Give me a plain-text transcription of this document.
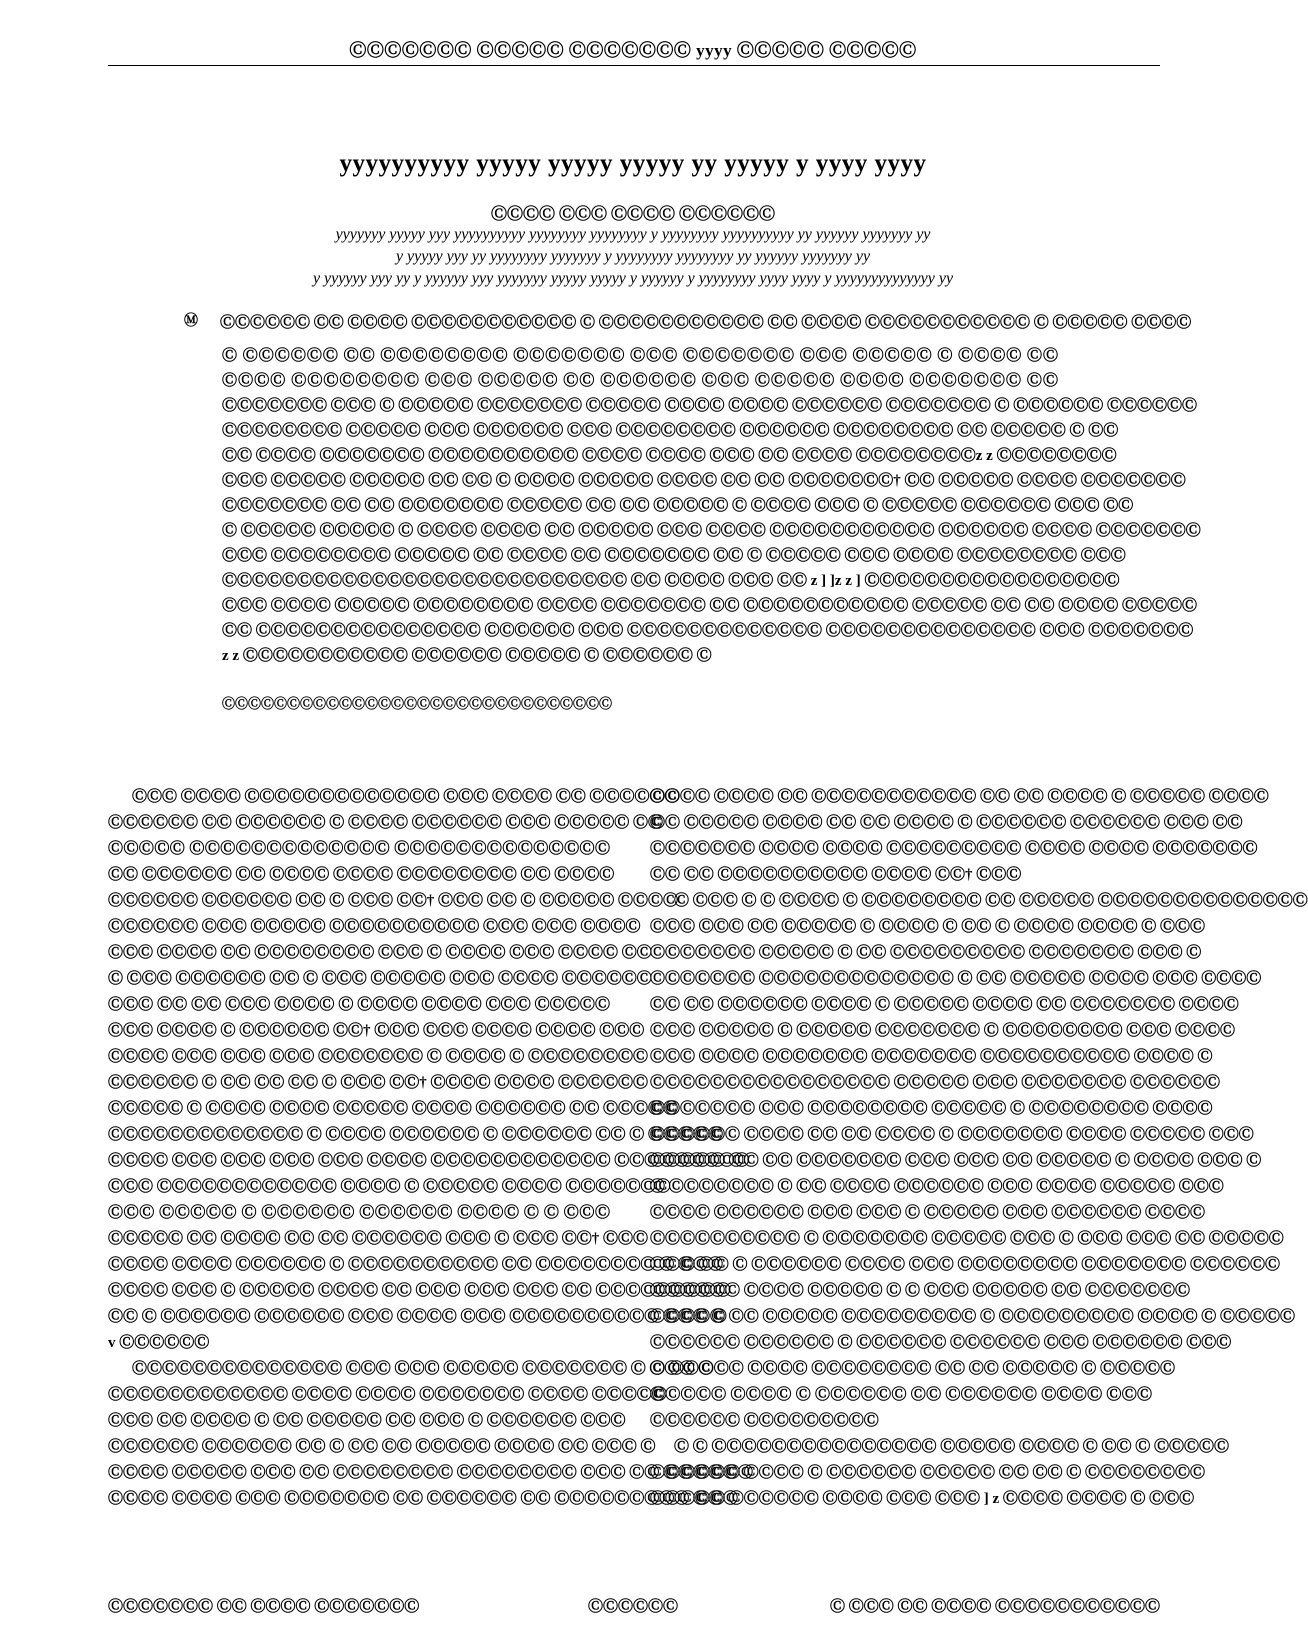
ⒸⒸⒸⒸⒸⒸⒸ ⒸⒸⒸⒸⒸ ⒸⒸⒸⒸⒸⒸⒸ yyyy ⒸⒸⒸⒸⒸ ⒸⒸⒸⒸⒸ
yyyyyyyyyy yyyyy yyyyy yyyyy yy yyyyy y yyyy yyyy
ⒸⒸⒸⒸ ⒸⒸⒸ ⒸⒸⒸⒸ ⒸⒸⒸⒸⒸⒸ
yyyyyyy yyyyy yyy yyyyyyyyyy yyyyyyyy yyyyyyyy y yyyyyyyy yyyyyyyyyy yy yyyyyy yyyyyyy yy
y yyyyy yyy yy yyyyyyyy yyyyyyy y yyyyyyyy yyyyyyyy yy yyyyyy yyyyyyy yy
y yyyyyy yyy yy y yyyyyy yyy yyyyyyy yyyyy yyyyy y yyyyyy y yyyyyyyy yyyy yyyy y yyyyyyyyyyyyyy yy
Ⓜ	ⒸⒸⒸⒸⒸⒸ ⒸⒸ ⒸⒸⒸⒸ ⒸⒸⒸⒸⒸⒸⒸⒸⒸⒸⒸ Ⓒ ⒸⒸⒸⒸⒸⒸⒸⒸⒸⒸⒸ ⒸⒸ ⒸⒸⒸⒸ ⒸⒸⒸⒸⒸⒸⒸⒸⒸⒸⒸ Ⓒ ⒸⒸⒸⒸⒸ ⒸⒸⒸⒸ
Ⓒ ⒸⒸⒸⒸⒸⒸ ⒸⒸ ⒸⒸⒸⒸⒸⒸⒸⒸ ⒸⒸⒸⒸⒸⒸⒸ ⒸⒸⒸ ⒸⒸⒸⒸⒸⒸⒸ ⒸⒸⒸ ⒸⒸⒸⒸⒸ Ⓒ ⒸⒸⒸⒸ ⒸⒸ
ⒸⒸⒸⒸ ⒸⒸⒸⒸⒸⒸⒸⒸ ⒸⒸⒸ ⒸⒸⒸⒸⒸ ⒸⒸ ⒸⒸⒸⒸⒸⒸ ⒸⒸⒸ ⒸⒸⒸⒸⒸ ⒸⒸⒸⒸ ⒸⒸⒸⒸⒸⒸⒸ ⒸⒸ
ⒸⒸⒸⒸⒸⒸⒸ ⒸⒸⒸ Ⓒ ⒸⒸⒸⒸⒸ ⒸⒸⒸⒸⒸⒸⒸ ⒸⒸⒸⒸⒸ ⒸⒸⒸⒸ ⒸⒸⒸⒸ ⒸⒸⒸⒸⒸⒸ ⒸⒸⒸⒸⒸⒸⒸ Ⓒ ⒸⒸⒸⒸⒸⒸ ⒸⒸⒸⒸⒸⒸ
ⒸⒸⒸⒸⒸⒸⒸⒸ ⒸⒸⒸⒸⒸ ⒸⒸⒸ ⒸⒸⒸⒸⒸⒸ ⒸⒸⒸ ⒸⒸⒸⒸⒸⒸⒸⒸ ⒸⒸⒸⒸⒸⒸ ⒸⒸⒸⒸⒸⒸⒸⒸ ⒸⒸ ⒸⒸⒸⒸⒸ Ⓒ ⒸⒸ
ⒸⒸ ⒸⒸⒸⒸ ⒸⒸⒸⒸⒸⒸⒸ ⒸⒸⒸⒸⒸⒸⒸⒸⒸⒸ ⒸⒸⒸⒸ ⒸⒸⒸⒸ ⒸⒸⒸ ⒸⒸ ⒸⒸⒸⒸ ⒸⒸⒸⒸⒸⒸⒸⒸz z ⒸⒸⒸⒸⒸⒸⒸⒸ
ⒸⒸⒸ ⒸⒸⒸⒸⒸ ⒸⒸⒸⒸⒸ ⒸⒸ ⒸⒸ Ⓒ ⒸⒸⒸⒸ ⒸⒸⒸⒸⒸ ⒸⒸⒸⒸ ⒸⒸ ⒸⒸ ⒸⒸⒸⒸⒸⒸⒸ† ⒸⒸ ⒸⒸⒸⒸⒸ ⒸⒸⒸⒸ ⒸⒸⒸⒸⒸⒸⒸ
ⒸⒸⒸⒸⒸⒸⒸ ⒸⒸ ⒸⒸ ⒸⒸⒸⒸⒸⒸⒸ ⒸⒸⒸⒸⒸ ⒸⒸ ⒸⒸ ⒸⒸⒸⒸⒸ Ⓒ ⒸⒸⒸⒸ ⒸⒸⒸ Ⓒ ⒸⒸⒸⒸⒸ ⒸⒸⒸⒸⒸⒸ ⒸⒸⒸ ⒸⒸ
Ⓒ ⒸⒸⒸⒸⒸ ⒸⒸⒸⒸⒸ Ⓒ ⒸⒸⒸⒸ ⒸⒸⒸⒸ ⒸⒸ ⒸⒸⒸⒸⒸ ⒸⒸⒸ ⒸⒸⒸⒸ ⒸⒸⒸⒸⒸⒸⒸⒸⒸⒸⒸ ⒸⒸⒸⒸⒸⒸ ⒸⒸⒸⒸ ⒸⒸⒸⒸⒸⒸⒸ
ⒸⒸⒸ ⒸⒸⒸⒸⒸⒸⒸⒸ ⒸⒸⒸⒸⒸ ⒸⒸ ⒸⒸⒸⒸ ⒸⒸ ⒸⒸⒸⒸⒸⒸⒸ ⒸⒸ Ⓒ ⒸⒸⒸⒸⒸ ⒸⒸⒸ ⒸⒸⒸⒸ ⒸⒸⒸⒸⒸⒸⒸⒸ ⒸⒸⒸ
ⒸⒸⒸⒸⒸⒸⒸⒸⒸⒸⒸⒸⒸⒸⒸⒸⒸⒸⒸⒸⒸⒸⒸⒸⒸⒸⒸ ⒸⒸ ⒸⒸⒸⒸ ⒸⒸⒸ ⒸⒸ z ] ]z z ] ⒸⒸⒸⒸⒸⒸⒸⒸⒸⒸⒸⒸⒸⒸⒸⒸⒸ
ⒸⒸⒸ ⒸⒸⒸⒸ ⒸⒸⒸⒸⒸ ⒸⒸⒸⒸⒸⒸⒸⒸ ⒸⒸⒸⒸ ⒸⒸⒸⒸⒸⒸⒸ ⒸⒸ ⒸⒸⒸⒸⒸⒸⒸⒸⒸⒸⒸ ⒸⒸⒸⒸⒸ ⒸⒸ ⒸⒸ ⒸⒸⒸⒸ ⒸⒸⒸⒸⒸ
ⒸⒸ ⒸⒸⒸⒸⒸⒸⒸⒸⒸⒸⒸⒸⒸⒸⒸ ⒸⒸⒸⒸⒸⒸ ⒸⒸⒸ ⒸⒸⒸⒸⒸⒸⒸⒸⒸⒸⒸⒸⒸ ⒸⒸⒸⒸⒸⒸⒸⒸⒸⒸⒸⒸⒸⒸ ⒸⒸⒸ ⒸⒸⒸⒸⒸⒸⒸ
z z ⒸⒸⒸⒸⒸⒸⒸⒸⒸⒸⒸ ⒸⒸⒸⒸⒸⒸ ⒸⒸⒸⒸⒸ Ⓒ ⒸⒸⒸⒸⒸⒸ Ⓒ
ⒸⒸⒸⒸⒸⒸⒸⒸⒸⒸⒸⒸⒸⒸⒸⒸⒸⒸⒸⒸⒸⒸⒸⒸⒸⒸⒸⒸⒸⒸ
ⒸⒸⒸ ⒸⒸⒸⒸ ⒸⒸⒸⒸⒸⒸⒸⒸⒸⒸⒸⒸⒸ ⒸⒸⒸ ⒸⒸⒸⒸ ⒸⒸ ⒸⒸⒸⒸⒸⒸ
ⒸⒸⒸⒸⒸⒸ ⒸⒸ ⒸⒸⒸⒸⒸⒸ Ⓒ ⒸⒸⒸⒸ ⒸⒸⒸⒸⒸⒸ ⒸⒸⒸ ⒸⒸⒸⒸⒸ ⒸⒸ
ⒸⒸⒸⒸⒸ ⒸⒸⒸⒸⒸⒸⒸⒸⒸⒸⒸⒸⒸ ⒸⒸⒸⒸⒸⒸⒸⒸⒸⒸⒸⒸⒸⒸ
ⒸⒸ ⒸⒸⒸⒸⒸⒸ ⒸⒸ ⒸⒸⒸⒸ ⒸⒸⒸⒸ ⒸⒸⒸⒸⒸⒸⒸⒸ ⒸⒸ ⒸⒸⒸⒸ
ⒸⒸⒸⒸⒸⒸ ⒸⒸⒸⒸⒸⒸ ⒸⒸ Ⓒ ⒸⒸⒸ ⒸⒸ† ⒸⒸⒸ ⒸⒸ Ⓒ ⒸⒸⒸⒸⒸ ⒸⒸⒸⒸ
ⒸⒸⒸⒸⒸⒸ ⒸⒸⒸ ⒸⒸⒸⒸⒸ ⒸⒸⒸⒸⒸⒸⒸⒸⒸⒸ ⒸⒸⒸ ⒸⒸⒸ ⒸⒸⒸⒸ
ⒸⒸⒸ ⒸⒸⒸⒸ ⒸⒸ ⒸⒸⒸⒸⒸⒸⒸⒸ ⒸⒸⒸ Ⓒ ⒸⒸⒸⒸ ⒸⒸⒸ ⒸⒸⒸⒸ ⒸⒸ
Ⓒ ⒸⒸⒸ ⒸⒸⒸⒸⒸⒸ ⒸⒸ Ⓒ ⒸⒸⒸ ⒸⒸⒸⒸⒸ ⒸⒸⒸ ⒸⒸⒸⒸ ⒸⒸⒸⒸⒸⒸ
ⒸⒸⒸ ⒸⒸ ⒸⒸ ⒸⒸⒸ ⒸⒸⒸⒸ Ⓒ ⒸⒸⒸⒸ ⒸⒸⒸⒸ ⒸⒸⒸ ⒸⒸⒸⒸⒸ
ⒸⒸⒸ ⒸⒸⒸⒸ Ⓒ ⒸⒸⒸⒸⒸⒸ ⒸⒸ† ⒸⒸⒸ ⒸⒸⒸ ⒸⒸⒸⒸ ⒸⒸⒸⒸ ⒸⒸⒸ
ⒸⒸⒸⒸ ⒸⒸⒸ ⒸⒸⒸ ⒸⒸⒸ ⒸⒸⒸⒸⒸⒸⒸ Ⓒ ⒸⒸⒸⒸ Ⓒ ⒸⒸⒸⒸⒸⒸⒸⒸ
ⒸⒸⒸⒸⒸⒸ Ⓒ ⒸⒸ ⒸⒸ ⒸⒸ Ⓒ ⒸⒸⒸ ⒸⒸ† ⒸⒸⒸⒸ ⒸⒸⒸⒸ ⒸⒸⒸⒸⒸⒸ
ⒸⒸⒸⒸⒸ Ⓒ ⒸⒸⒸⒸ ⒸⒸⒸⒸ ⒸⒸⒸⒸⒸ ⒸⒸⒸⒸ ⒸⒸⒸⒸⒸⒸ ⒸⒸ ⒸⒸⒸⒸⒸ
ⒸⒸⒸⒸⒸⒸⒸⒸⒸⒸⒸⒸⒸ Ⓒ ⒸⒸⒸⒸ ⒸⒸⒸⒸⒸⒸ Ⓒ ⒸⒸⒸⒸⒸⒸ ⒸⒸ Ⓒ ⒸⒸⒸⒸⒸ
ⒸⒸⒸⒸ ⒸⒸⒸ ⒸⒸⒸ ⒸⒸⒸ ⒸⒸⒸ ⒸⒸⒸⒸ ⒸⒸⒸⒸⒸⒸⒸⒸⒸⒸⒸⒸ ⒸⒸⒸⒸⒸⒸⒸⒸⒸ
ⒸⒸⒸ ⒸⒸⒸⒸⒸⒸⒸⒸⒸⒸⒸⒸ ⒸⒸⒸⒸ Ⓒ ⒸⒸⒸⒸⒸ ⒸⒸⒸⒸ ⒸⒸⒸⒸⒸⒸⒸ
ⒸⒸⒸ ⒸⒸⒸⒸⒸ Ⓒ ⒸⒸⒸⒸⒸⒸ ⒸⒸⒸⒸⒸⒸ ⒸⒸⒸⒸ Ⓒ Ⓒ ⒸⒸⒸ
ⒸⒸⒸⒸⒸ ⒸⒸ ⒸⒸⒸⒸ ⒸⒸ ⒸⒸ ⒸⒸⒸⒸⒸⒸ ⒸⒸⒸ Ⓒ ⒸⒸⒸ ⒸⒸ† ⒸⒸⒸ
ⒸⒸⒸⒸ ⒸⒸⒸⒸ ⒸⒸⒸⒸⒸⒸ Ⓒ ⒸⒸⒸⒸⒸⒸⒸⒸⒸⒸ ⒸⒸ ⒸⒸⒸⒸⒸⒸⒸⒸ Ⓒ ⒸⒸⒸ
ⒸⒸⒸⒸ ⒸⒸⒸ Ⓒ ⒸⒸⒸⒸⒸ ⒸⒸⒸⒸ ⒸⒸ ⒸⒸⒸ ⒸⒸⒸ ⒸⒸⒸ ⒸⒸ ⒸⒸⒸⒸⒸⒸⒸⒸⒸ
ⒸⒸ Ⓒ ⒸⒸⒸⒸⒸⒸ ⒸⒸⒸⒸⒸⒸ ⒸⒸⒸ ⒸⒸⒸⒸ ⒸⒸⒸ ⒸⒸⒸⒸⒸⒸⒸⒸⒸⒸ ⒸⒸⒸ Ⓒ
v ⒸⒸⒸⒸⒸⒸ
ⒸⒸⒸⒸⒸⒸⒸⒸⒸⒸⒸⒸⒸⒸ ⒸⒸⒸ ⒸⒸⒸ ⒸⒸⒸⒸⒸ ⒸⒸⒸⒸⒸⒸⒸ Ⓒ ⒸⒸⒸ Ⓒ
ⒸⒸⒸⒸⒸⒸⒸⒸⒸⒸⒸⒸ ⒸⒸⒸⒸ ⒸⒸⒸⒸ ⒸⒸⒸⒸⒸⒸⒸ ⒸⒸⒸⒸ ⒸⒸⒸⒸⒸ
ⒸⒸⒸ ⒸⒸ ⒸⒸⒸⒸ Ⓒ ⒸⒸ ⒸⒸⒸⒸⒸ ⒸⒸ ⒸⒸⒸ Ⓒ ⒸⒸⒸⒸⒸⒸ ⒸⒸⒸ
ⒸⒸⒸⒸⒸⒸ ⒸⒸⒸⒸⒸⒸ ⒸⒸ Ⓒ ⒸⒸ ⒸⒸ ⒸⒸⒸⒸⒸ ⒸⒸⒸⒸ ⒸⒸ ⒸⒸⒸ Ⓒ
ⒸⒸⒸⒸ ⒸⒸⒸⒸⒸ ⒸⒸⒸ ⒸⒸ ⒸⒸⒸⒸⒸⒸⒸⒸ ⒸⒸⒸⒸⒸⒸⒸⒸ ⒸⒸⒸ ⒸⒸ ⒸⒸⒸⒸⒸⒸ
ⒸⒸⒸⒸ ⒸⒸⒸⒸ ⒸⒸⒸ ⒸⒸⒸⒸⒸⒸⒸ ⒸⒸ ⒸⒸⒸⒸⒸⒸ ⒸⒸ ⒸⒸⒸⒸⒸⒸⒸⒸⒸ ⒸⒸⒸ
ⒸⒸⒸⒸ ⒸⒸⒸⒸ ⒸⒸ ⒸⒸⒸⒸⒸⒸⒸⒸⒸⒸⒸ ⒸⒸ ⒸⒸ ⒸⒸⒸⒸ Ⓒ ⒸⒸⒸⒸⒸ ⒸⒸⒸⒸ
ⒸⒸ ⒸⒸⒸⒸⒸ ⒸⒸⒸⒸ ⒸⒸ ⒸⒸ ⒸⒸⒸⒸ Ⓒ ⒸⒸⒸⒸⒸⒸ ⒸⒸⒸⒸⒸⒸ ⒸⒸⒸ ⒸⒸ
ⒸⒸⒸⒸⒸⒸⒸ ⒸⒸⒸⒸ ⒸⒸⒸⒸ ⒸⒸⒸⒸⒸⒸⒸⒸⒸ ⒸⒸⒸⒸ ⒸⒸⒸⒸ ⒸⒸⒸⒸⒸⒸⒸ
ⒸⒸ ⒸⒸ ⒸⒸⒸⒸⒸⒸⒸⒸⒸⒸ ⒸⒸⒸⒸ ⒸⒸ† ⒸⒸⒸ
Ⓒ ⒸⒸⒸ Ⓒ Ⓒ ⒸⒸⒸⒸ Ⓒ ⒸⒸⒸⒸⒸⒸⒸⒸ ⒸⒸ ⒸⒸⒸⒸⒸ ⒸⒸⒸⒸⒸⒸⒸⒸⒸⒸⒸⒸⒸⒸ
ⒸⒸⒸ ⒸⒸⒸ ⒸⒸ ⒸⒸⒸⒸⒸ Ⓒ ⒸⒸⒸⒸ Ⓒ ⒸⒸ Ⓒ ⒸⒸⒸⒸ ⒸⒸⒸⒸ Ⓒ ⒸⒸⒸ
ⒸⒸⒸⒸⒸⒸⒸ ⒸⒸⒸⒸⒸ Ⓒ ⒸⒸ ⒸⒸⒸⒸⒸⒸⒸⒸⒸ ⒸⒸⒸⒸⒸⒸⒸ ⒸⒸⒸ Ⓒ
ⒸⒸⒸⒸⒸⒸⒸ ⒸⒸⒸⒸⒸⒸⒸⒸⒸⒸⒸⒸⒸ Ⓒ ⒸⒸ ⒸⒸⒸⒸⒸ ⒸⒸⒸⒸ ⒸⒸⒸ ⒸⒸⒸⒸ
ⒸⒸ ⒸⒸ ⒸⒸⒸⒸⒸⒸ ⒸⒸⒸⒸ Ⓒ ⒸⒸⒸⒸⒸ ⒸⒸⒸⒸ ⒸⒸ ⒸⒸⒸⒸⒸⒸⒸ ⒸⒸⒸⒸ
ⒸⒸⒸ ⒸⒸⒸⒸⒸ Ⓒ ⒸⒸⒸⒸⒸ ⒸⒸⒸⒸⒸⒸⒸ Ⓒ ⒸⒸⒸⒸⒸⒸⒸⒸ ⒸⒸⒸ ⒸⒸⒸⒸ
ⒸⒸⒸ ⒸⒸⒸⒸ ⒸⒸⒸⒸⒸⒸⒸ ⒸⒸⒸⒸⒸⒸⒸ ⒸⒸⒸⒸⒸⒸⒸⒸⒸⒸ ⒸⒸⒸⒸ Ⓒ
ⒸⒸⒸⒸⒸⒸⒸⒸⒸⒸⒸⒸⒸⒸⒸⒸ ⒸⒸⒸⒸⒸ ⒸⒸⒸ ⒸⒸⒸⒸⒸⒸⒸ ⒸⒸⒸⒸⒸⒸ
ⒸⒸⒸⒸⒸⒸⒸ ⒸⒸⒸ ⒸⒸⒸⒸⒸⒸⒸⒸ ⒸⒸⒸⒸⒸ Ⓒ ⒸⒸⒸⒸⒸⒸⒸⒸ ⒸⒸⒸⒸ
ⒸⒸⒸⒸⒸⒸ ⒸⒸⒸⒸ ⒸⒸ ⒸⒸ ⒸⒸⒸⒸ Ⓒ ⒸⒸⒸⒸⒸⒸⒸ ⒸⒸⒸⒸ ⒸⒸⒸⒸⒸ ⒸⒸⒸ
ⒸⒸⒸⒸⒸ ⒸⒸ ⒸⒸ ⒸⒸⒸⒸⒸⒸⒸ ⒸⒸⒸ ⒸⒸⒸ ⒸⒸ ⒸⒸⒸⒸⒸ Ⓒ ⒸⒸⒸⒸ ⒸⒸⒸ Ⓒ
Ⓒ ⒸⒸⒸⒸⒸⒸⒸ Ⓒ ⒸⒸ ⒸⒸⒸⒸ ⒸⒸⒸⒸⒸⒸ ⒸⒸⒸ ⒸⒸⒸⒸ ⒸⒸⒸⒸⒸ ⒸⒸⒸ
ⒸⒸⒸⒸ ⒸⒸⒸⒸⒸⒸ ⒸⒸⒸ ⒸⒸⒸ Ⓒ ⒸⒸⒸⒸⒸ ⒸⒸⒸ ⒸⒸⒸⒸⒸⒸ ⒸⒸⒸⒸ
ⒸⒸⒸⒸⒸⒸⒸⒸⒸⒸ Ⓒ ⒸⒸⒸⒸⒸⒸⒸ ⒸⒸⒸⒸⒸ ⒸⒸⒸ Ⓒ ⒸⒸⒸ ⒸⒸⒸ ⒸⒸ ⒸⒸⒸⒸⒸ
ⒸⒸⒸ ⒸⒸ Ⓒ ⒸⒸⒸⒸⒸⒸ ⒸⒸⒸⒸ ⒸⒸⒸ ⒸⒸⒸⒸⒸⒸⒸⒸ ⒸⒸⒸⒸⒸⒸⒸ ⒸⒸⒸⒸⒸⒸ
ⒸⒸⒸⒸⒸⒸ ⒸⒸⒸⒸ ⒸⒸⒸⒸⒸ Ⓒ Ⓒ ⒸⒸⒸ ⒸⒸⒸⒸⒸ ⒸⒸ ⒸⒸⒸⒸⒸⒸⒸ
ⒸⒸⒸⒸⒸ ⒸⒸ ⒸⒸⒸⒸⒸ ⒸⒸⒸⒸⒸⒸⒸⒸⒸ Ⓒ ⒸⒸⒸⒸⒸⒸⒸⒸⒸ ⒸⒸⒸⒸ Ⓒ ⒸⒸⒸⒸⒸ
ⒸⒸⒸⒸⒸⒸ ⒸⒸⒸⒸⒸⒸ Ⓒ ⒸⒸⒸⒸⒸⒸ ⒸⒸⒸⒸⒸⒸ ⒸⒸⒸ ⒸⒸⒸⒸⒸⒸ ⒸⒸⒸ
Ⓒ ⒸⒸⒸⒸⒸ ⒸⒸⒸⒸ ⒸⒸⒸⒸⒸⒸⒸⒸ ⒸⒸ ⒸⒸ ⒸⒸⒸⒸⒸ Ⓒ ⒸⒸⒸⒸⒸ
ⒸⒸⒸⒸⒸ ⒸⒸⒸⒸ Ⓒ ⒸⒸⒸⒸⒸⒸ ⒸⒸ ⒸⒸⒸⒸⒸⒸ ⒸⒸⒸⒸ ⒸⒸⒸ
ⒸⒸⒸⒸⒸⒸ ⒸⒸⒸⒸⒸⒸⒸⒸⒸ
Ⓒ Ⓒ ⒸⒸⒸⒸⒸⒸⒸⒸⒸⒸⒸⒸⒸⒸⒸ ⒸⒸⒸⒸⒸ ⒸⒸⒸⒸ Ⓒ ⒸⒸ Ⓒ ⒸⒸⒸⒸⒸ
ⒸⒸⒸⒸⒸⒸ ⒸⒸⒸⒸ Ⓒ ⒸⒸⒸⒸⒸⒸ ⒸⒸⒸⒸⒸ ⒸⒸ ⒸⒸ Ⓒ ⒸⒸⒸⒸⒸⒸⒸⒸ
ⒸⒸⒸⒸⒸ ⒸⒸⒸⒸⒸⒸ ⒸⒸⒸⒸ ⒸⒸⒸ ⒸⒸⒸ ] z ⒸⒸⒸⒸ ⒸⒸⒸⒸ Ⓒ ⒸⒸⒸ
ⒸⒸⒸⒸⒸⒸⒸ ⒸⒸ ⒸⒸⒸⒸ ⒸⒸⒸⒸⒸⒸⒸ	ⒸⒸⒸⒸⒸⒸ	Ⓒ ⒸⒸⒸ ⒸⒸ ⒸⒸⒸⒸ ⒸⒸⒸⒸⒸⒸⒸⒸⒸⒸⒸ
